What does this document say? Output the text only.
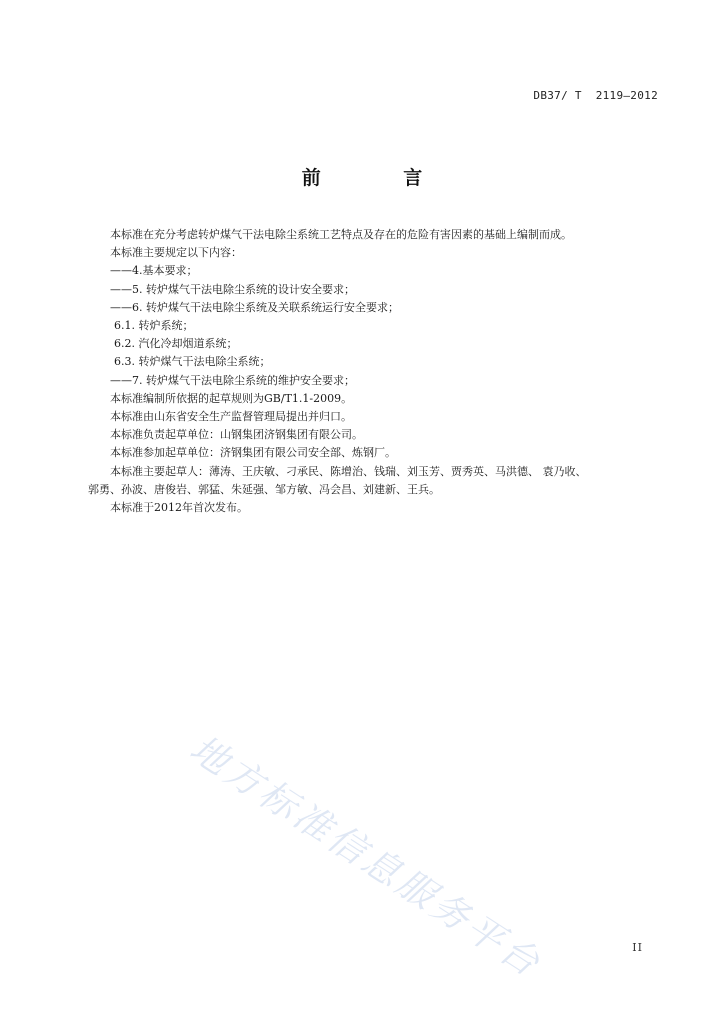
DB37/ T  2119—2012
前 言
本标准在充分考虑转炉煤气干法电除尘系统工艺特点及存在的危险有害因素的基础上编制而成。
本标准主要规定以下内容：
——4.基本要求；
——5. 转炉煤气干法电除尘系统的设计安全要求；
——6. 转炉煤气干法电除尘系统及关联系统运行安全要求；
6.1. 转炉系统；
6.2. 汽化冷却烟道系统；
6.3. 转炉煤气干法电除尘系统；
——7. 转炉煤气干法电除尘系统的维护安全要求；
本标准编制所依据的起草规则为GB/T1.1-2009。
本标准由山东省安全生产监督管理局提出并归口。
本标准负责起草单位：山钢集团济钢集团有限公司。
本标准参加起草单位：济钢集团有限公司安全部、炼钢厂。
本标准主要起草人：薄涛、王庆敏、刁承民、陈增治、钱瑞、刘玉芳、贾秀英、马洪德、 袁乃收、
郭勇、孙波、唐俊岩、郭猛、朱延强、邹方敏、冯会昌、刘建新、王兵。
本标准于2012年首次发布。
地方标准信息服务平台	II
